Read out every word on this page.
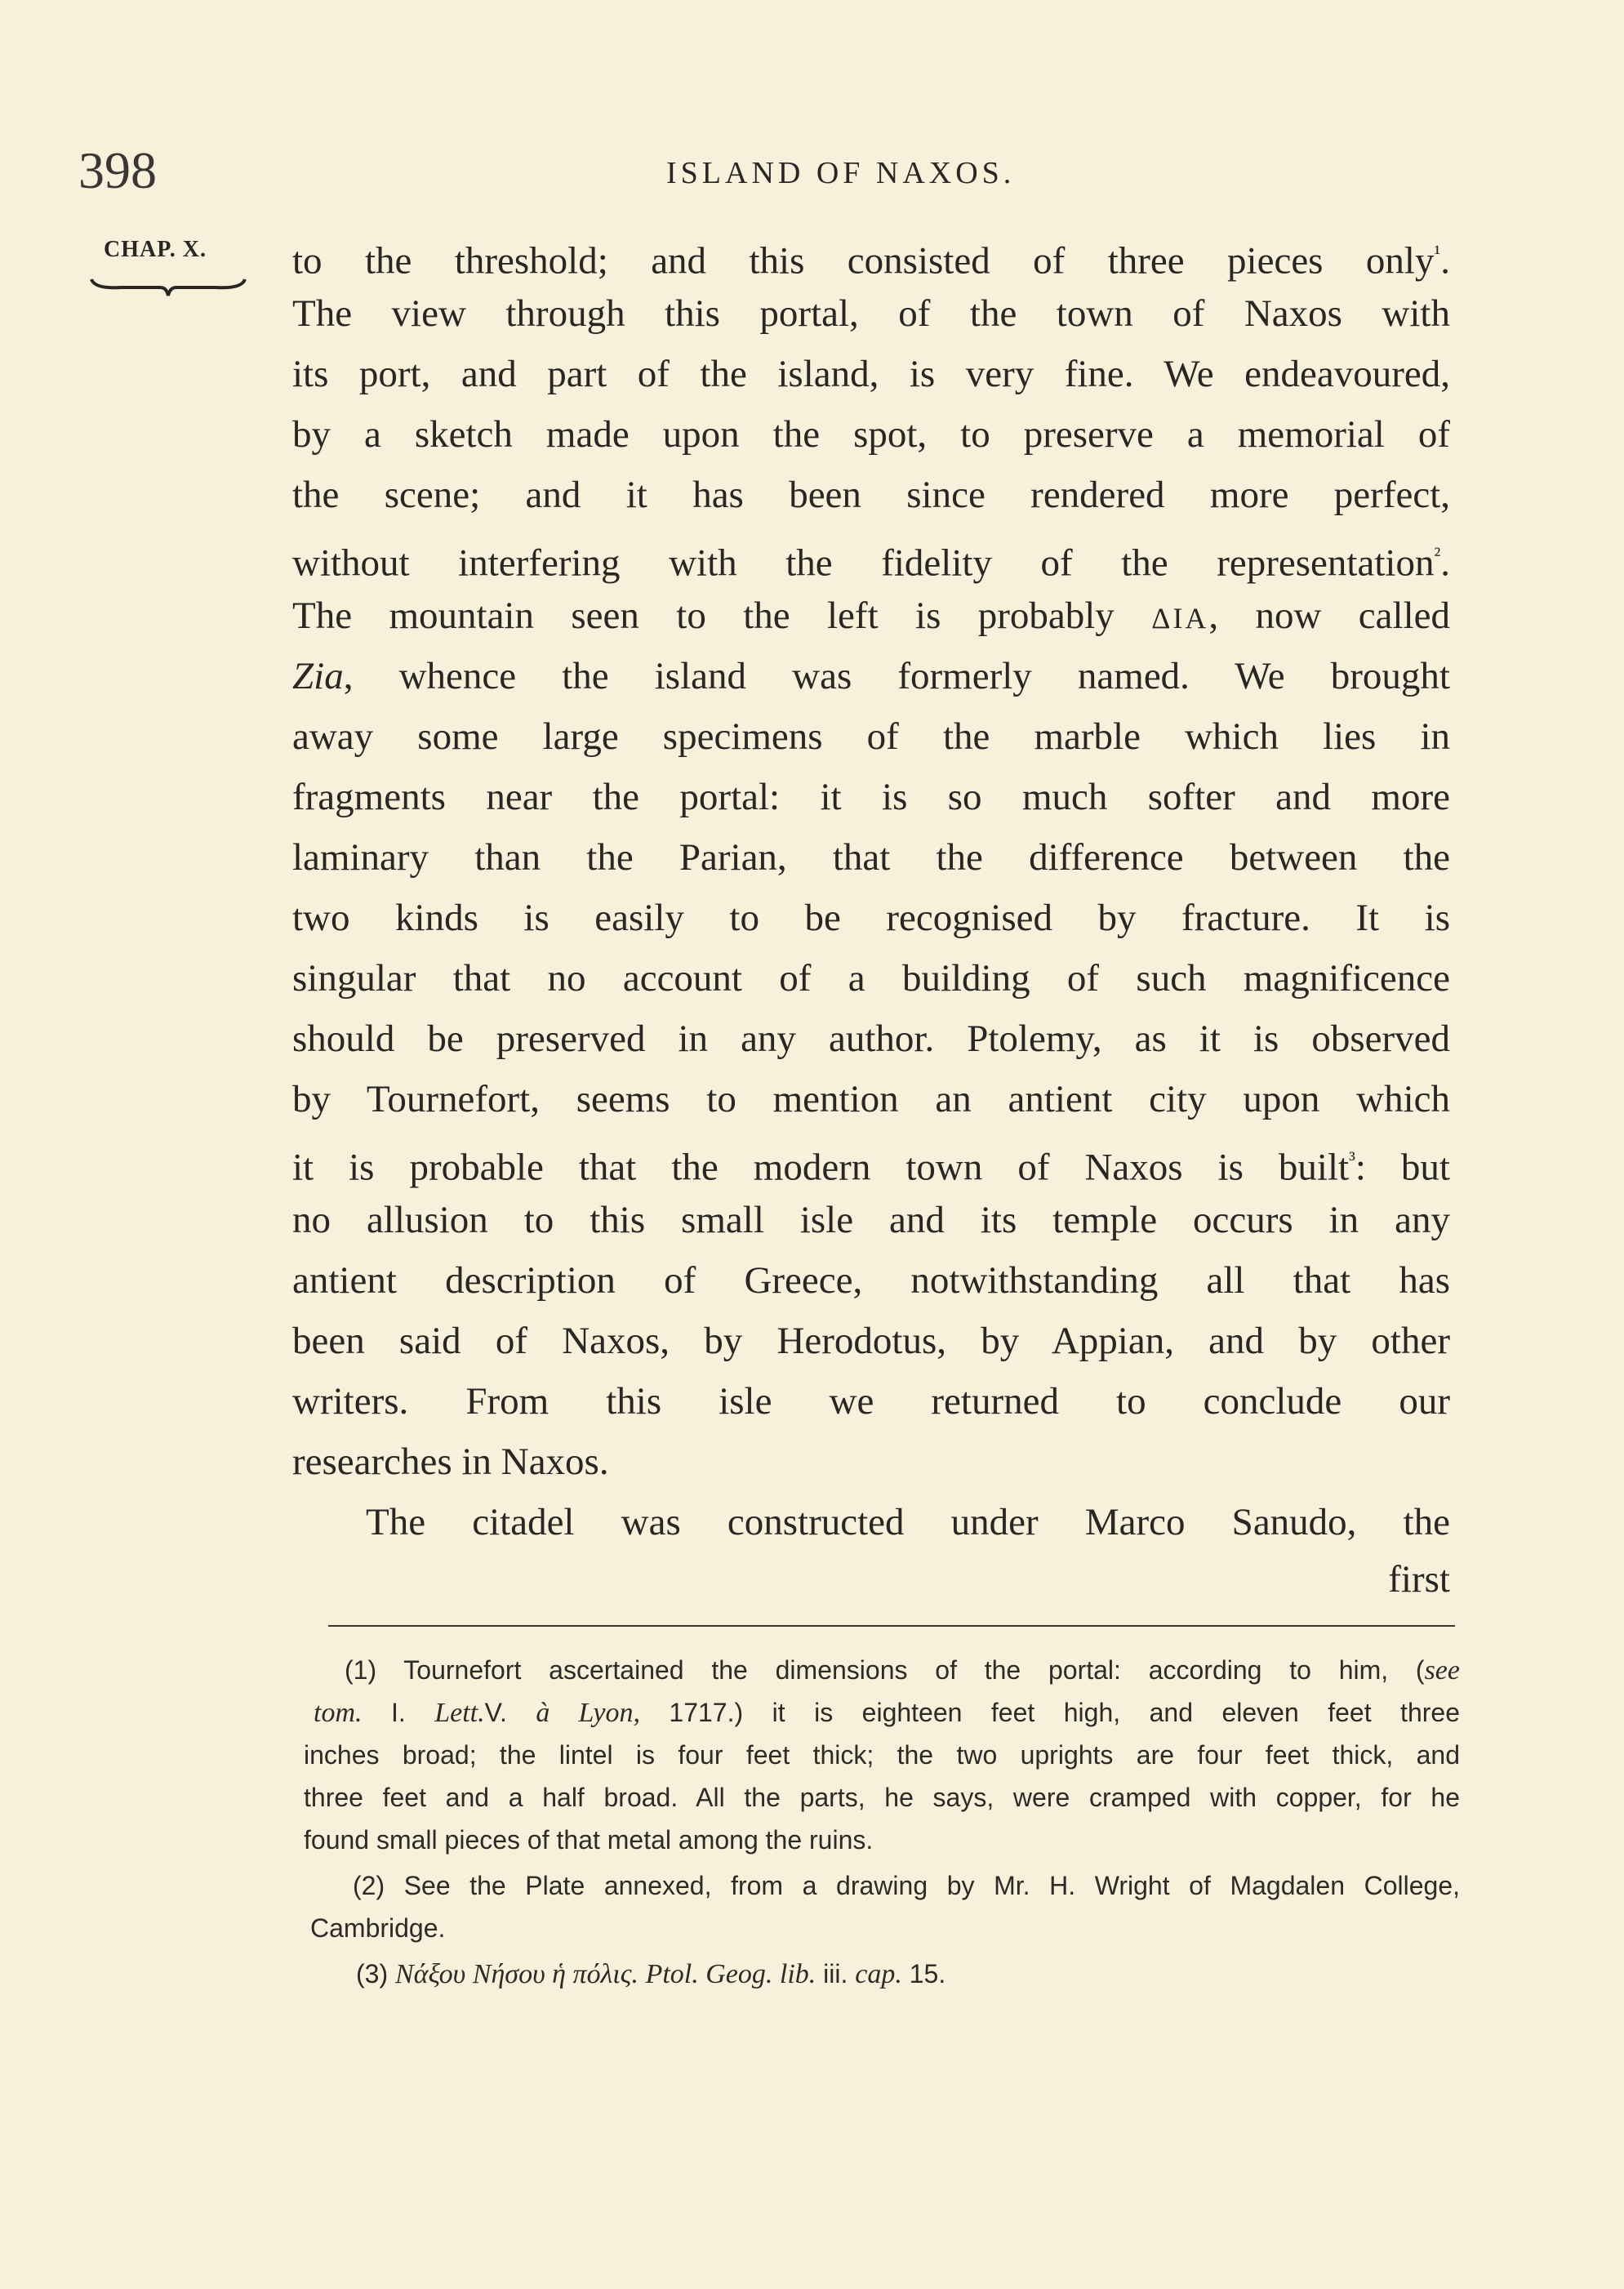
398	ISLAND OF NAXOS.
CHAP. X. to the threshold; and this consisted of three pieces only$^{^1}$.
The view through this portal, of the town of Naxos with
its port, and part of the island, is very fine. We endeavoured,
by a sketch made upon the spot, to preserve a memorial of
the scene; and it has been since rendered more perfect,
without interfering with the fidelity of the representation$^{^2}$.
The mountain seen to the left is probably ΔΙΑ, now called
Zia, whence the island was formerly named. We brought
away some large specimens of the marble which lies in
fragments near the portal: it is so much softer and more
laminary than the Parian, that the difference between the
two kinds is easily to be recognised by fracture. It is
singular that no account of a building of such magnificence
should be preserved in any author. Ptolemy, as it is observed
by Tournefort, seems to mention an antient city upon which
it is probable that the modern town of Naxos is built$^{^3}$: but
no allusion to this small isle and its temple occurs in any
antient description of Greece, notwithstanding all that has
been said of Naxos, by Herodotus, by Appian, and by other
writers. From this isle we returned to conclude our
researches in Naxos.
The citadel was constructed under Marco Sanudo, the
first
(1) Tournefort ascertained the dimensions of the portal: according to him, (see
tom. I. Lett.V. à Lyon, 1717.) it is eighteen feet high, and eleven feet three
inches broad; the lintel is four feet thick; the two uprights are four feet thick, and
three feet and a half broad. All the parts, he says, were cramped with copper, for he
found small pieces of that metal among the ruins.
(2) See the Plate annexed, from a drawing by Mr. H. Wright of Magdalen College,
Cambridge.
(3) Νάξου Νήσου ἡ πόλις. Ptol. Geog. lib. iii. cap. 15.
